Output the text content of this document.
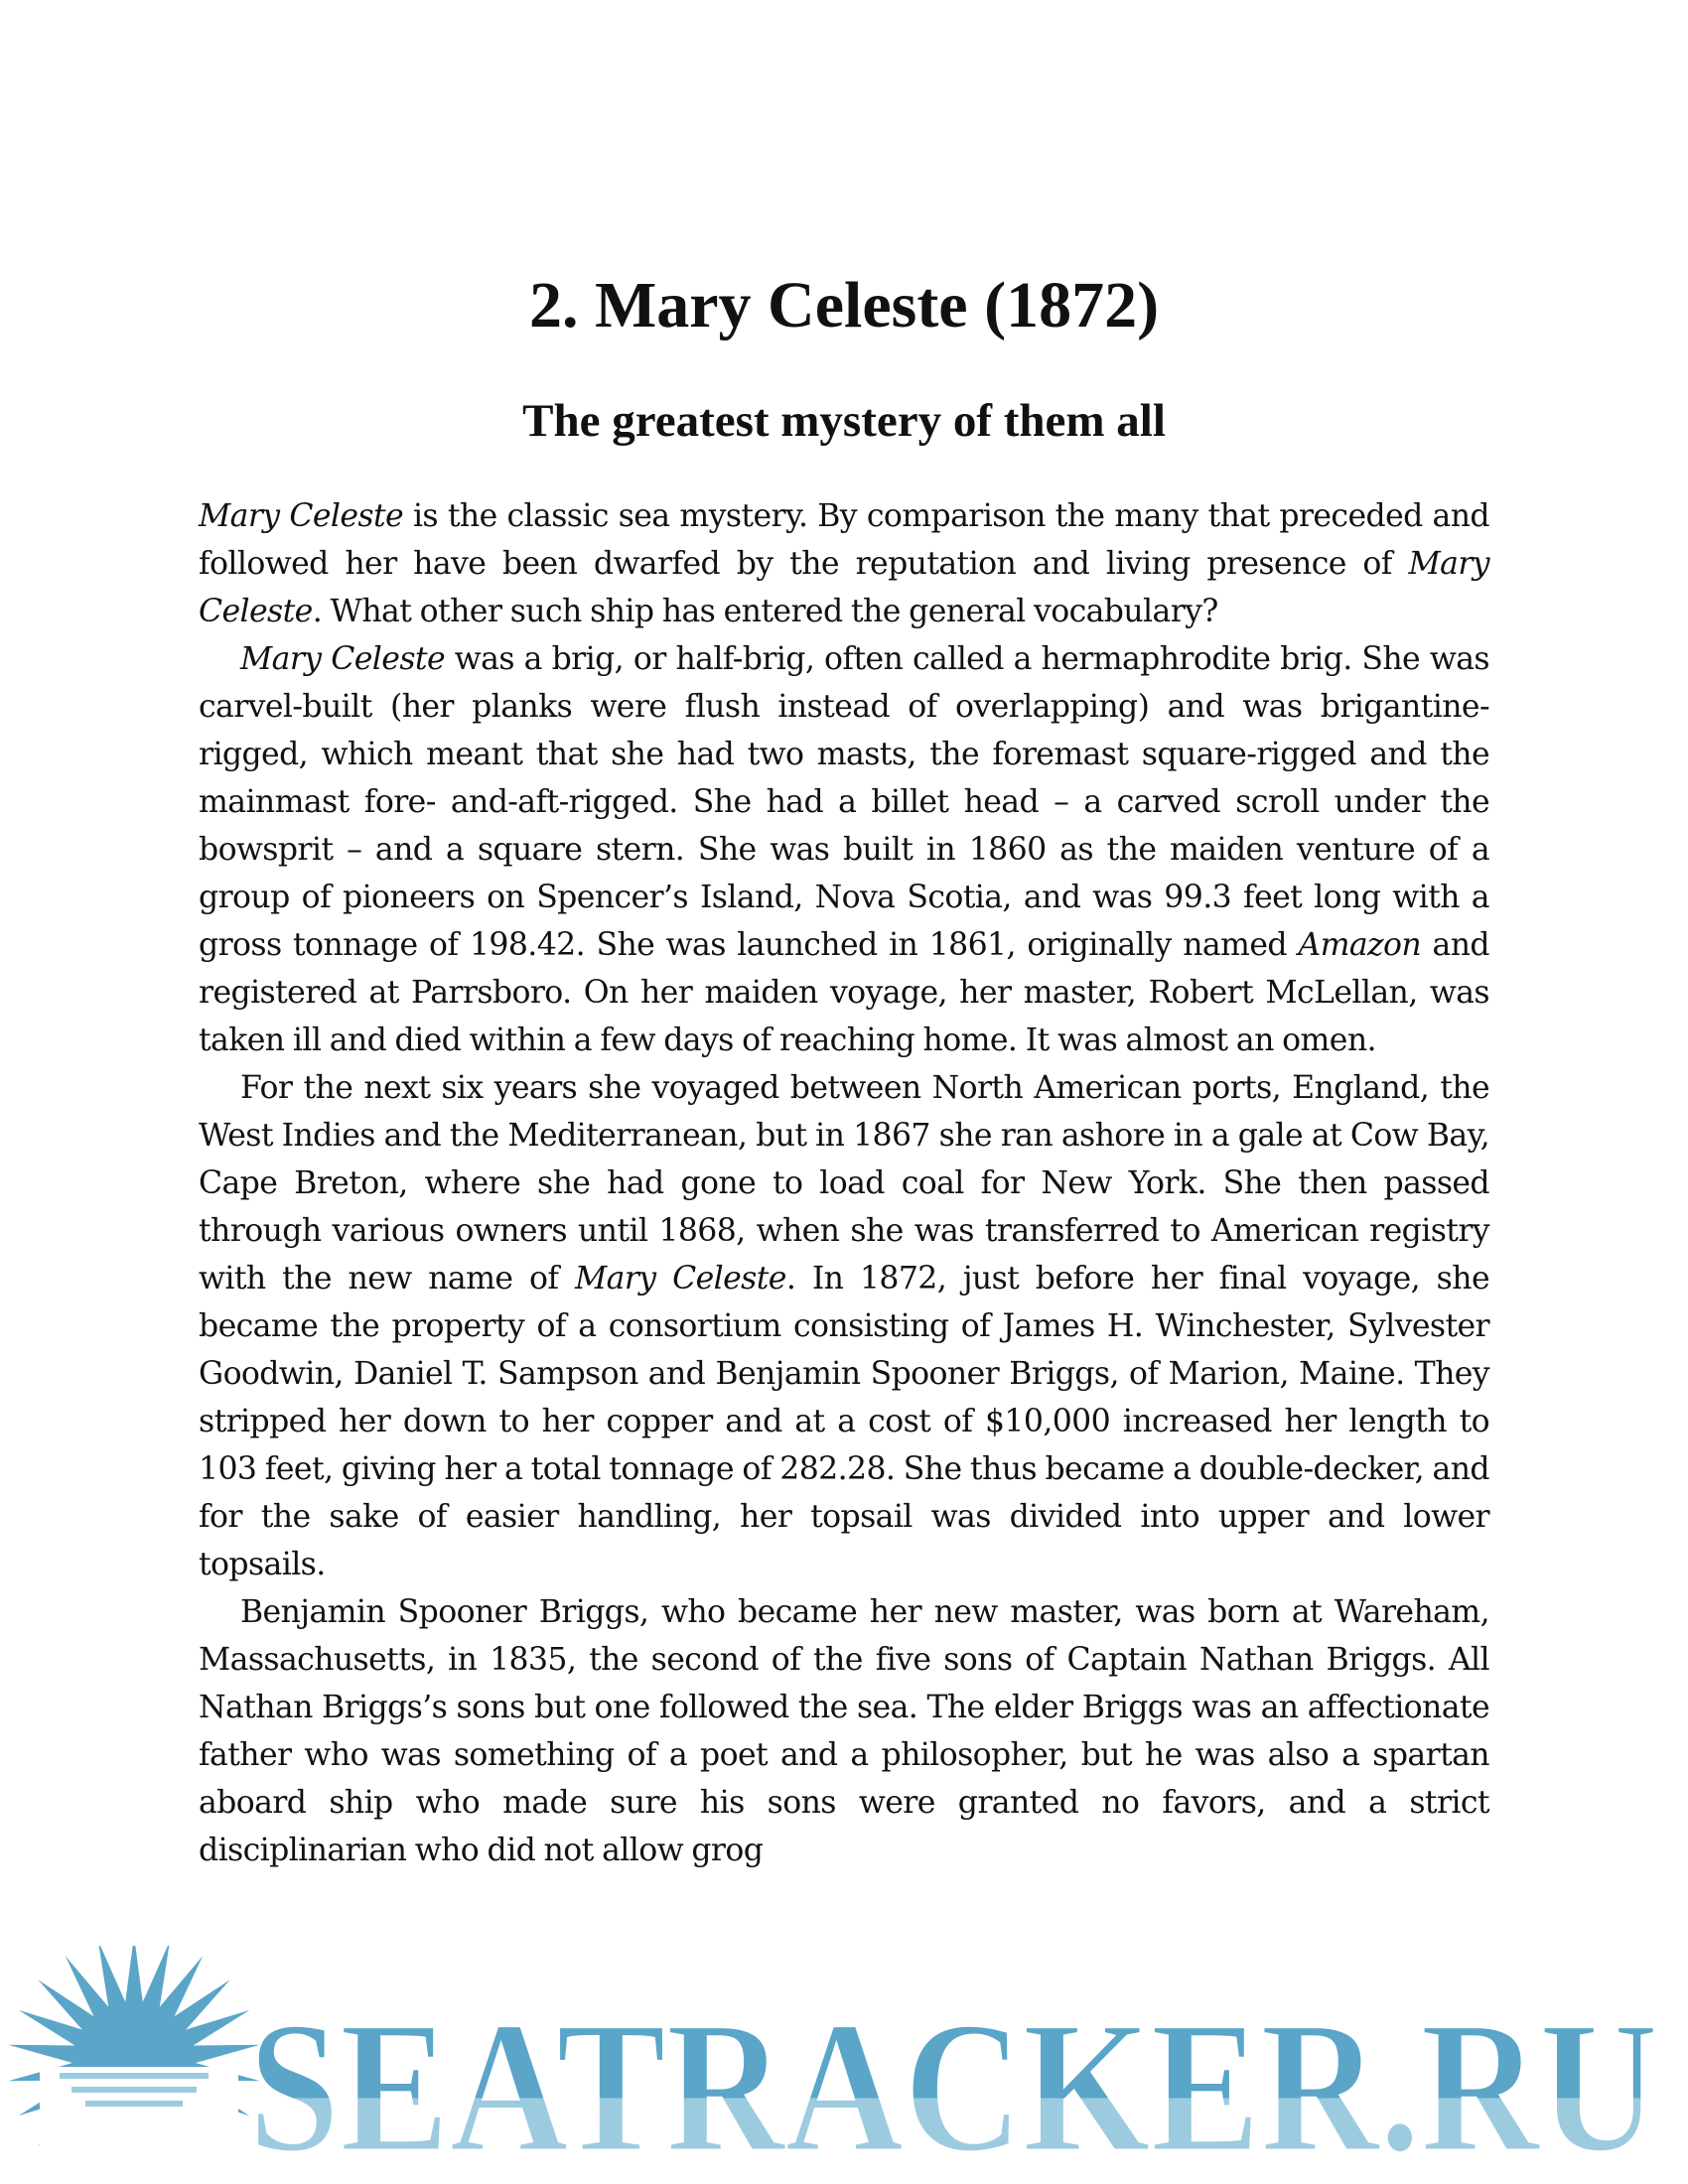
2. Mary Celeste (1872)
The greatest mystery of them all

Mary Celeste is the classic sea mystery. By comparison the many that preceded and followed her have been dwarfed by the reputation and living presence of Mary Celeste. What other such ship has entered the general vocabulary?

Mary Celeste was a brig, or half-brig, often called a hermaphrodite brig. She was carvel-built (her planks were flush instead of overlapping) and was brigantine-rigged, which meant that she had two masts, the foremast square-rigged and the mainmast fore- and-aft-rigged. She had a billet head – a carved scroll under the bowsprit – and a square stern. She was built in 1860 as the maiden venture of a group of pioneers on Spencer’s Island, Nova Scotia, and was 99.3 feet long with a gross tonnage of 198.42. She was launched in 1861, originally named Amazon and registered at Parrsboro. On her maiden voyage, her master, Robert McLellan, was taken ill and died within a few days of reaching home. It was almost an omen.

For the next six years she voyaged between North American ports, England, the West Indies and the Mediterranean, but in 1867 she ran ashore in a gale at Cow Bay, Cape Breton, where she had gone to load coal for New York. She then passed through various owners until 1868, when she was transferred to American registry with the new name of Mary Celeste. In 1872, just before her final voyage, she became the property of a consortium consisting of James H. Winchester, Sylvester Goodwin, Daniel T. Sampson and Benjamin Spooner Briggs, of Marion, Maine. They stripped her down to her copper and at a cost of $10,000 increased her length to 103 feet, giving her a total tonnage of 282.28. She thus became a double-decker, and for the sake of easier handling, her topsail was divided into upper and lower topsails.

Benjamin Spooner Briggs, who became her new master, was born at Wareham, Massachusetts, in 1835, the second of the five sons of Captain Nathan Briggs. All Nathan Briggs’s sons but one followed the sea. The elder Briggs was an affectionate father who was something of a poet and a philosopher, but he was also a spartan aboard ship who made sure his sons were granted no favors, and a strict disciplinarian who did not allow grog

SEATRACKER.RU
